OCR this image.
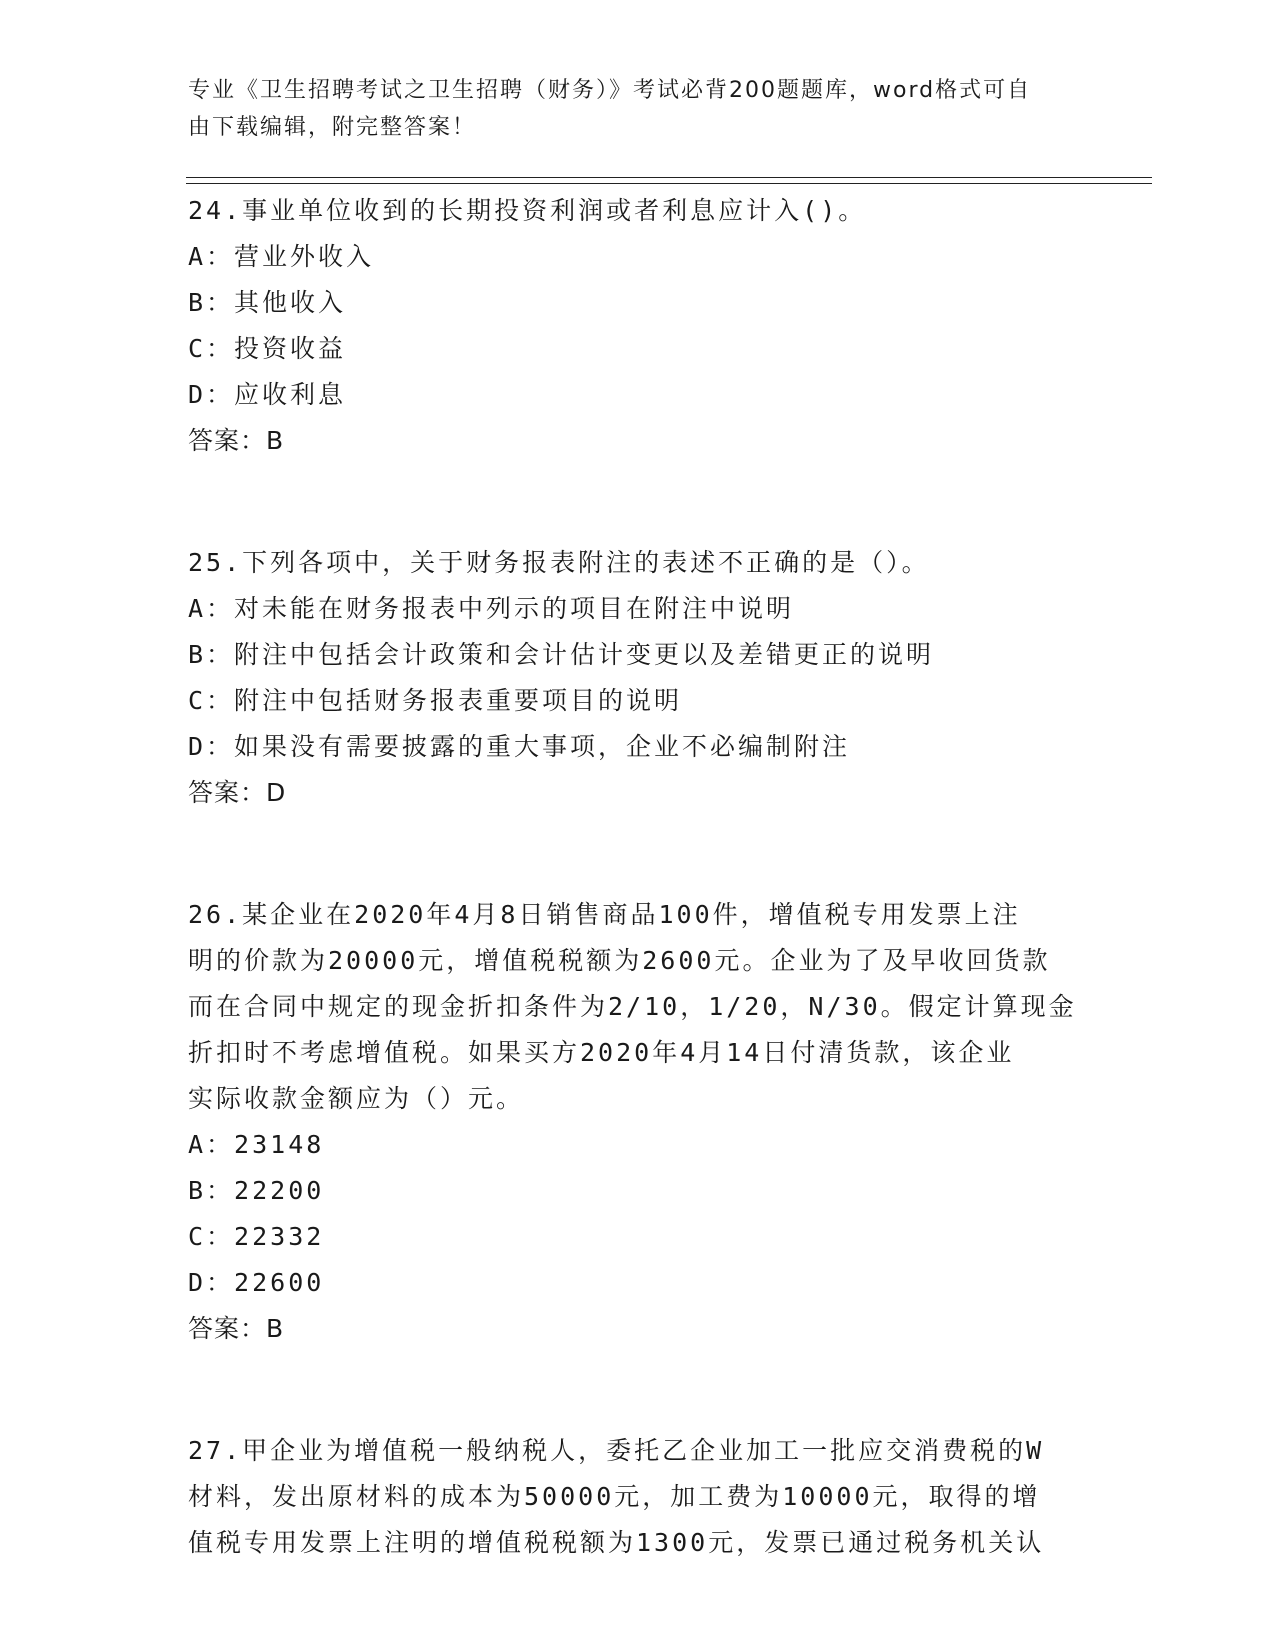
专业《卫生招聘考试之卫生招聘（财务）》考试必背200题题库，word格式可自
由下载编辑，附完整答案！
24.事业单位收到的长期投资利润或者利息应计入()。
A：营业外收入
B：其他收入
C：投资收益
D：应收利息
答案：B
25.下列各项中，关于财务报表附注的表述不正确的是（）。
A：对未能在财务报表中列示的项目在附注中说明
B：附注中包括会计政策和会计估计变更以及差错更正的说明
C：附注中包括财务报表重要项目的说明
D：如果没有需要披露的重大事项，企业不必编制附注
答案：D
26.某企业在2020年4月8日销售商品100件，增值税专用发票上注
明的价款为20000元，增值税税额为2600元。企业为了及早收回货款
而在合同中规定的现金折扣条件为2/10，1/20，N/30。假定计算现金
折扣时不考虑增值税。如果买方2020年4月14日付清货款，该企业
实际收款金额应为（）元。
A：23148
B：22200
C：22332
D：22600
答案：B
27.甲企业为增值税一般纳税人，委托乙企业加工一批应交消费税的W
材料，发出原材料的成本为50000元，加工费为10000元，取得的增
值税专用发票上注明的增值税税额为1300元，发票已通过税务机关认
